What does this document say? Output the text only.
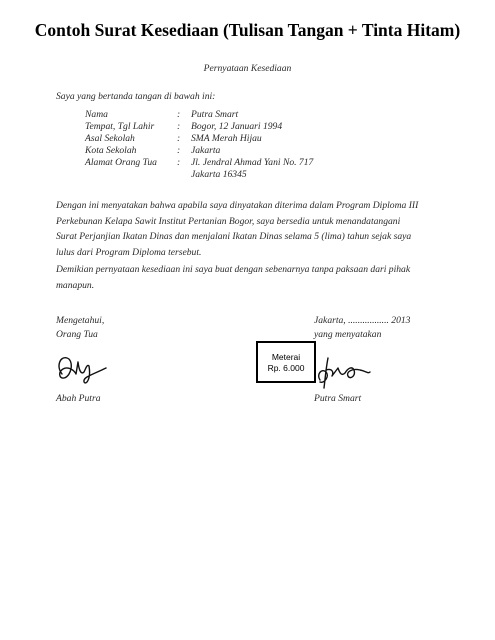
Contoh Surat Kesediaan (Tulisan Tangan + Tinta Hitam)
Pernyataan Kesediaan
Saya yang bertanda tangan di bawah ini:
Nama	:	Putra Smart
Tempat, Tgl Lahir	:	Bogor, 12 Januari 1994
Asal Sekolah	:	SMA Merah Hijau
Kota Sekolah	:	Jakarta
Alamat Orang Tua	:	Jl. Jendral Ahmad Yani No. 717
		Jakarta 16345
Dengan ini menyatakan bahwa apabila saya dinyatakan diterima dalam Program Diploma III
Perkebunan Kelapa Sawit Institut Pertanian Bogor, saya bersedia untuk menandatangani
Surat Perjanjian Ikatan Dinas dan menjalani Ikatan Dinas selama 5 (lima) tahun sejak saya
lulus dari Program Diploma tersebut.
Demikian pernyataan kesediaan ini saya buat dengan sebenarnya tanpa paksaan dari pihak
manapun.
Mengetahui,
Orang Tua
Jakarta, ................. 2013
yang menyatakan
Meterai
Rp. 6.000
Abah Putra	Putra Smart
